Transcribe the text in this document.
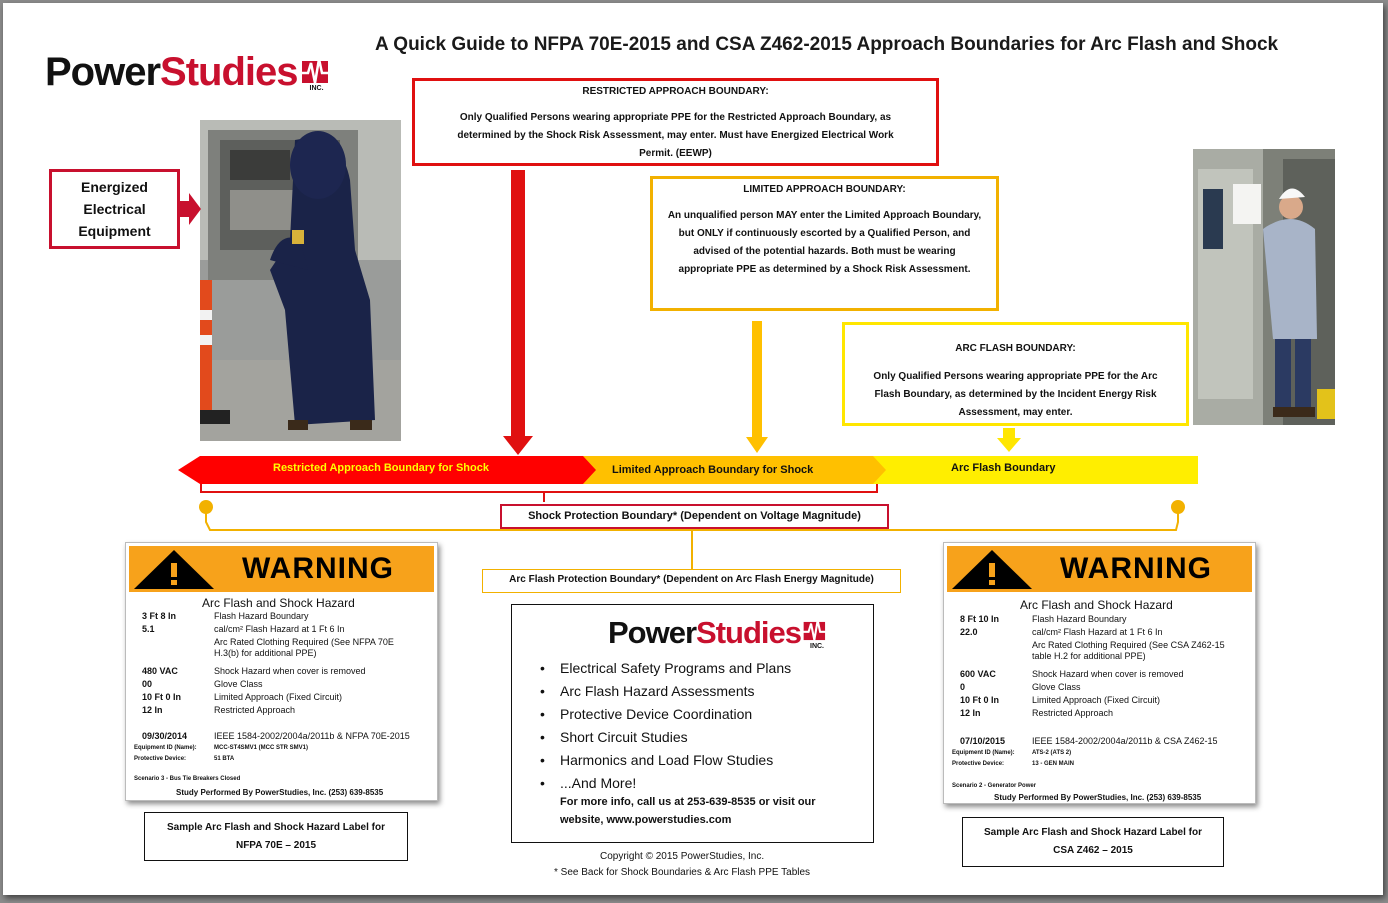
Power Studies INC.
A Quick Guide to NFPA 70E-2015 and CSA Z462-2015 Approach Boundaries for Arc Flash and Shock
Energized
Electrical
Equipment
RESTRICTED APPROACH BOUNDARY:
Only Qualified Persons wearing appropriate PPE for the Restricted Approach Boundary, as determined by the Shock Risk Assessment, may enter. Must have Energized Electrical Work Permit. (EEWP)
LIMITED APPROACH BOUNDARY:
An unqualified person MAY enter the Limited Approach Boundary, but ONLY if continuously escorted by a Qualified Person, and advised of the potential hazards. Both must be wearing appropriate PPE as determined by a Shock Risk Assessment.
ARC FLASH BOUNDARY:
Only Qualified Persons wearing appropriate PPE for the Arc Flash Boundary, as determined by the Incident Energy Risk Assessment, may enter.
Restricted Approach Boundary for Shock	Limited Approach Boundary for Shock	Arc Flash Boundary
Shock Protection Boundary* (Dependent on Voltage Magnitude)
Arc Flash Protection Boundary* (Dependent on Arc Flash Energy Magnitude)
WARNING
Arc Flash and Shock Hazard
3 Ft 8 In	Flash Hazard Boundary
5.1	cal/cm² Flash Hazard at 1 Ft 6 In
Arc Rated Clothing Required (See NFPA 70E
H.3(b) for additional PPE)
480 VAC	Shock Hazard when cover is removed
00	Glove Class
10 Ft 0 In	Limited Approach (Fixed Circuit)
12 In	Restricted Approach
09/30/2014	IEEE 1584-2002/2004a/2011b & NFPA 70E-2015
Equipment ID (Name):	MCC-ST4SMV1 (MCC STR SMV1)
Protective Device:	51 BTA
Scenario 3 - Bus Tie Breakers Closed
Study Performed By PowerStudies, Inc. (253) 639-8535
Sample Arc Flash and Shock Hazard Label for
NFPA 70E – 2015
Power Studies INC.
• Electrical Safety Programs and Plans
• Arc Flash Hazard Assessments
• Protective Device Coordination
• Short Circuit Studies
• Harmonics and Load Flow Studies
• ...And More!
For more info, call us at 253-639-8535 or visit our
website, www.powerstudies.com
Copyright © 2015 PowerStudies, Inc.
* See Back for Shock Boundaries & Arc Flash PPE Tables
WARNING
Arc Flash and Shock Hazard
8 Ft 10 In	Flash Hazard Boundary
22.0	cal/cm² Flash Hazard at 1 Ft 6 In
Arc Rated Clothing Required (See CSA Z462-15
table H.2 for additional PPE)
600 VAC	Shock Hazard when cover is removed
0	Glove Class
10 Ft 0 In	Limited Approach (Fixed Circuit)
12 In	Restricted Approach
07/10/2015	IEEE 1584-2002/2004a/2011b & CSA Z462-15
Equipment ID (Name):	ATS-2 (ATS 2)
Protective Device:	13 - GEN MAIN
Scenario 2 - Generator Power
Study Performed By PowerStudies, Inc. (253) 639-8535
Sample Arc Flash and Shock Hazard Label for
CSA Z462 – 2015
